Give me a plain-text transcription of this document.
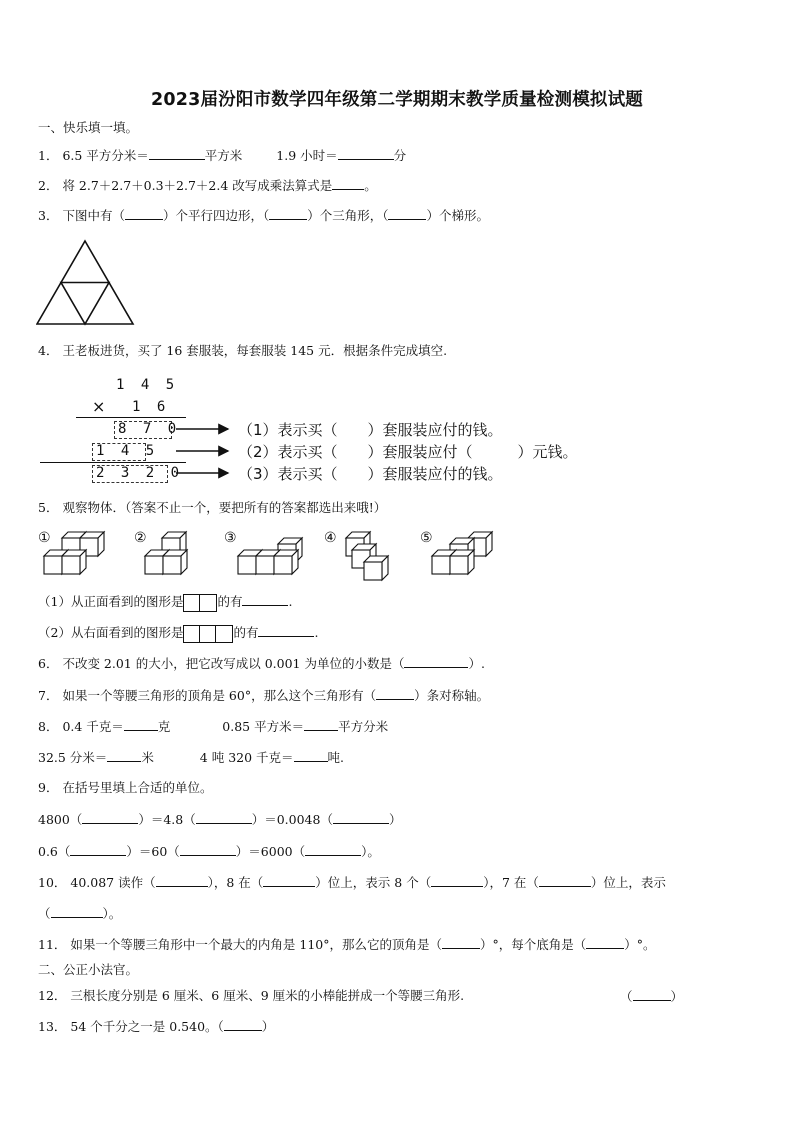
2023届汾阳市数学四年级第二学期期末教学质量检测模拟试题
一、快乐填一填。
1． 6.5 平方分米＝	平方米	1.9 小时＝	分
2． 将 2.7＋2.7＋0.3＋2.7＋2.4 改写成乘法算式是	。
3． 下图中有（	）个平行四边形，（	）个三角形，（	）个梯形。
4． 王老板进货，买了 16 套服装，每套服装 145 元．根据条件完成填空.
1 4 5
× 1 6
8 7 0
1 4 5
2 3 2 0
（1）表示买（　　）套服装应付的钱。
（2）表示买（　　）套服装应付（　　　）元钱。
（3）表示买（　　）套服装应付的钱。
5． 观察物体．（答案不止一个，要把所有的答案都选出来哦!）
①	②	③	④	⑤
（1）从正面看到的图形是	的有	.
（2）从右面看到的图形是	的有	.
6． 不改变 2.01 的大小，把它改写成以 0.001 为单位的小数是（	）.
7． 如果一个等腰三角形的顶角是 60°，那么这个三角形有（	）条对称轴。
8． 0.4 千克＝	克	0.85 平方米＝	平方分米
32.5 分米＝	米	4 吨 320 千克＝	吨.
9． 在括号里填上合适的单位。
4800（	）＝4.8（	）＝0.0048（	）
0.6（	）＝60（	）＝6000（	）。
10． 40.087 读作（	），8 在（	）位上，表示 8 个（	），7 在（	）位上，表示
（	）。
11． 如果一个等腰三角形中一个最大的内角是 110°，那么它的顶角是（	）°，每个底角是（	）°。
二、公正小法官。
12． 三根长度分别是 6 厘米、6 厘米、9 厘米的小棒能拼成一个等腰三角形.	（	）
13． 54 个千分之一是 0.540。（	）
